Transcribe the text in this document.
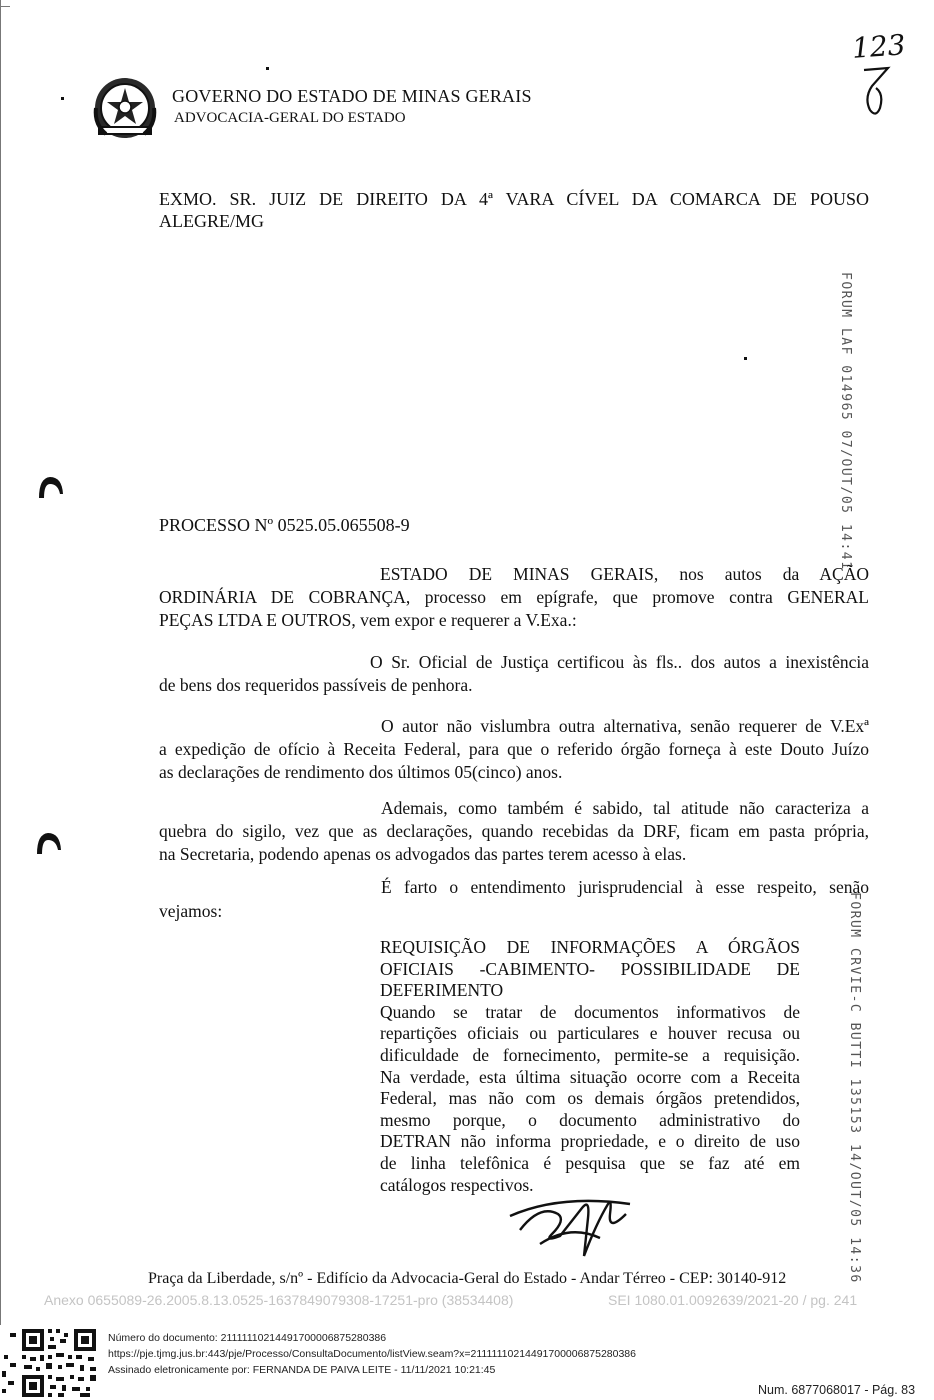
GOVERNO DO ESTADO DE MINAS GERAIS
ADVOCACIA-GERAL DO ESTADO
123
EXMO. SR. JUIZ DE DIREITO DA 4ª VARA CÍVEL DA COMARCA DE POUSO
ALEGRE/MG
FORUM LAF 014965 07/OUT/05 14:41
FORUM CRVIE-C BUTTI 135153 14/OUT/05 14:36
PROCESSO Nº 0525.05.065508-9
ESTADO DE MINAS GERAIS, nos autos da AÇÃO
ORDINÁRIA DE COBRANÇA, processo em epígrafe, que promove contra GENERAL
PEÇAS LTDA E OUTROS, vem expor e requerer a V.Exa.:
O Sr. Oficial de Justiça certificou às fls.. dos autos a inexistência
de bens dos requeridos passíveis de penhora.
O autor não vislumbra outra alternativa, senão requerer de V.Exª
a expedição de ofício à Receita Federal, para que o referido órgão forneça à este Douto Juízo
as declarações de rendimento dos últimos 05(cinco) anos.
Ademais, como também é sabido, tal atitude não caracteriza a
quebra do sigilo, vez que as declarações, quando recebidas da DRF, ficam em pasta própria,
na Secretaria, podendo apenas os advogados das partes terem acesso à elas.
É farto o entendimento jurisprudencial à esse respeito, senão
vejamos:
REQUISIÇÃO DE INFORMAÇÕES A ÓRGÃOS
OFICIAIS -CABIMENTO- POSSIBILIDADE DE
DEFERIMENTO
Quando se tratar de documentos informativos de
repartições oficiais ou particulares e houver recusa ou
dificuldade de fornecimento, permite-se a requisição.
Na verdade, esta última situação ocorre com a Receita
Federal, mas não com os demais órgãos pretendidos,
mesmo porque, o documento administrativo do
DETRAN não informa propriedade, e o direito de uso
de linha telefônica é pesquisa que se faz até em
catálogos respectivos.
Praça da Liberdade, s/nº - Edifício da Advocacia-Geral do Estado - Andar Térreo - CEP: 30140-912
Anexo 0655089-26.2005.8.13.0525-1637849079308-17251-pro (38534408)	SEI 1080.01.0092639/2021-20 / pg. 241
Número do documento: 21111110214491700006875280386
https://pje.tjmg.jus.br:443/pje/Processo/ConsultaDocumento/listView.seam?x=21111110214491700006875280386
Assinado eletronicamente por: FERNANDA DE PAIVA LEITE - 11/11/2021 10:21:45
Num. 6877068017 - Pág. 83
